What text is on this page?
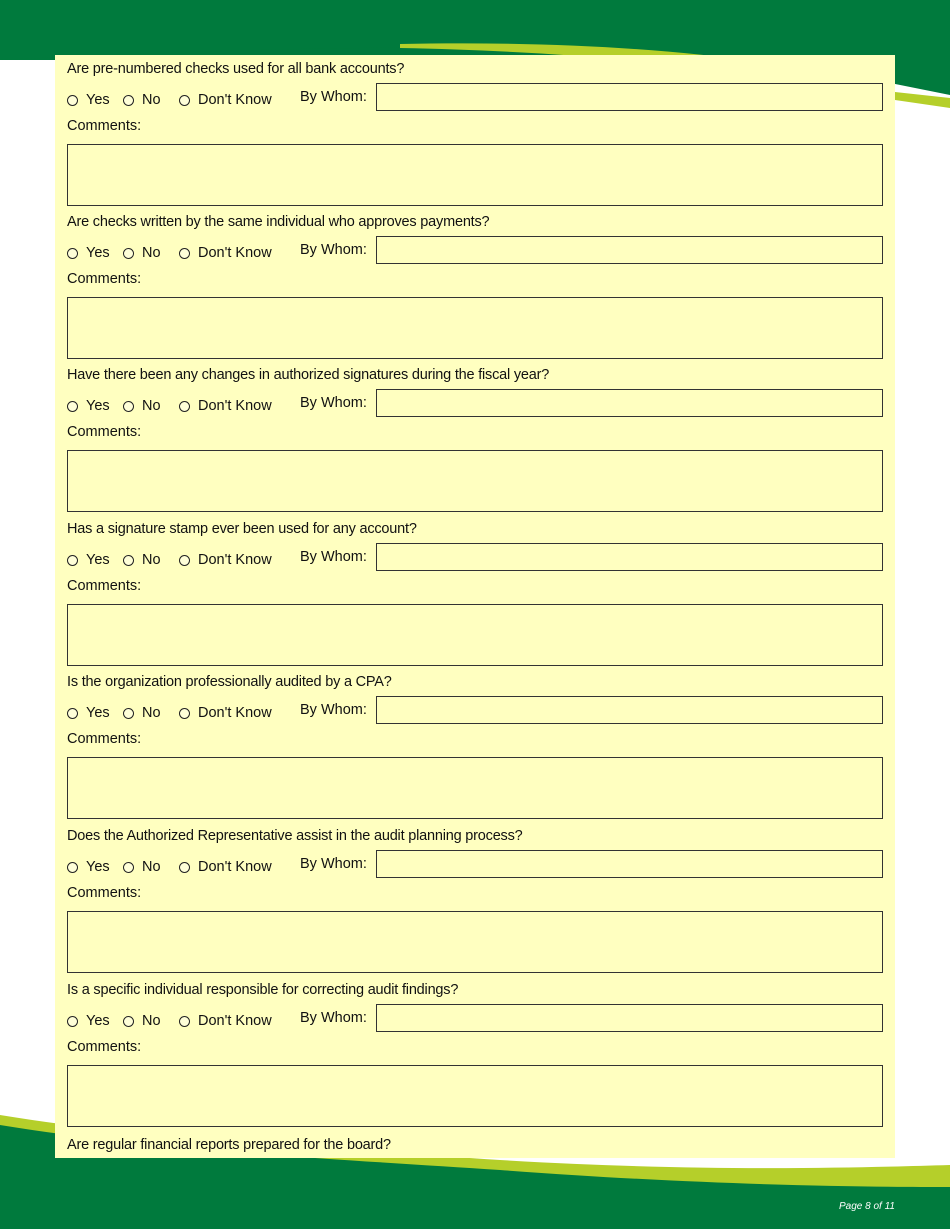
Are pre-numbered checks used for all bank accounts?
Yes No	Don't Know By Whom:
Comments:
Are checks written by the same individual who approves payments?
Yes No	Don't Know By Whom:
Comments:
Have there been any changes in authorized signatures during the fiscal year?
Yes No	Don't Know By Whom:
Comments:
Has a signature stamp ever been used for any account?
Yes No	Don't Know By Whom:
Comments:
Is the organization professionally audited by a CPA?
Yes No	Don't Know By Whom:
Comments:
Does the Authorized Representative assist in the audit planning process?
Yes No	Don't Know By Whom:
Comments:
Is a specific individual responsible for correcting audit findings?
Yes No	Don't Know By Whom:
Comments:
Are regular financial reports prepared for the board?
Page 8 of 11
